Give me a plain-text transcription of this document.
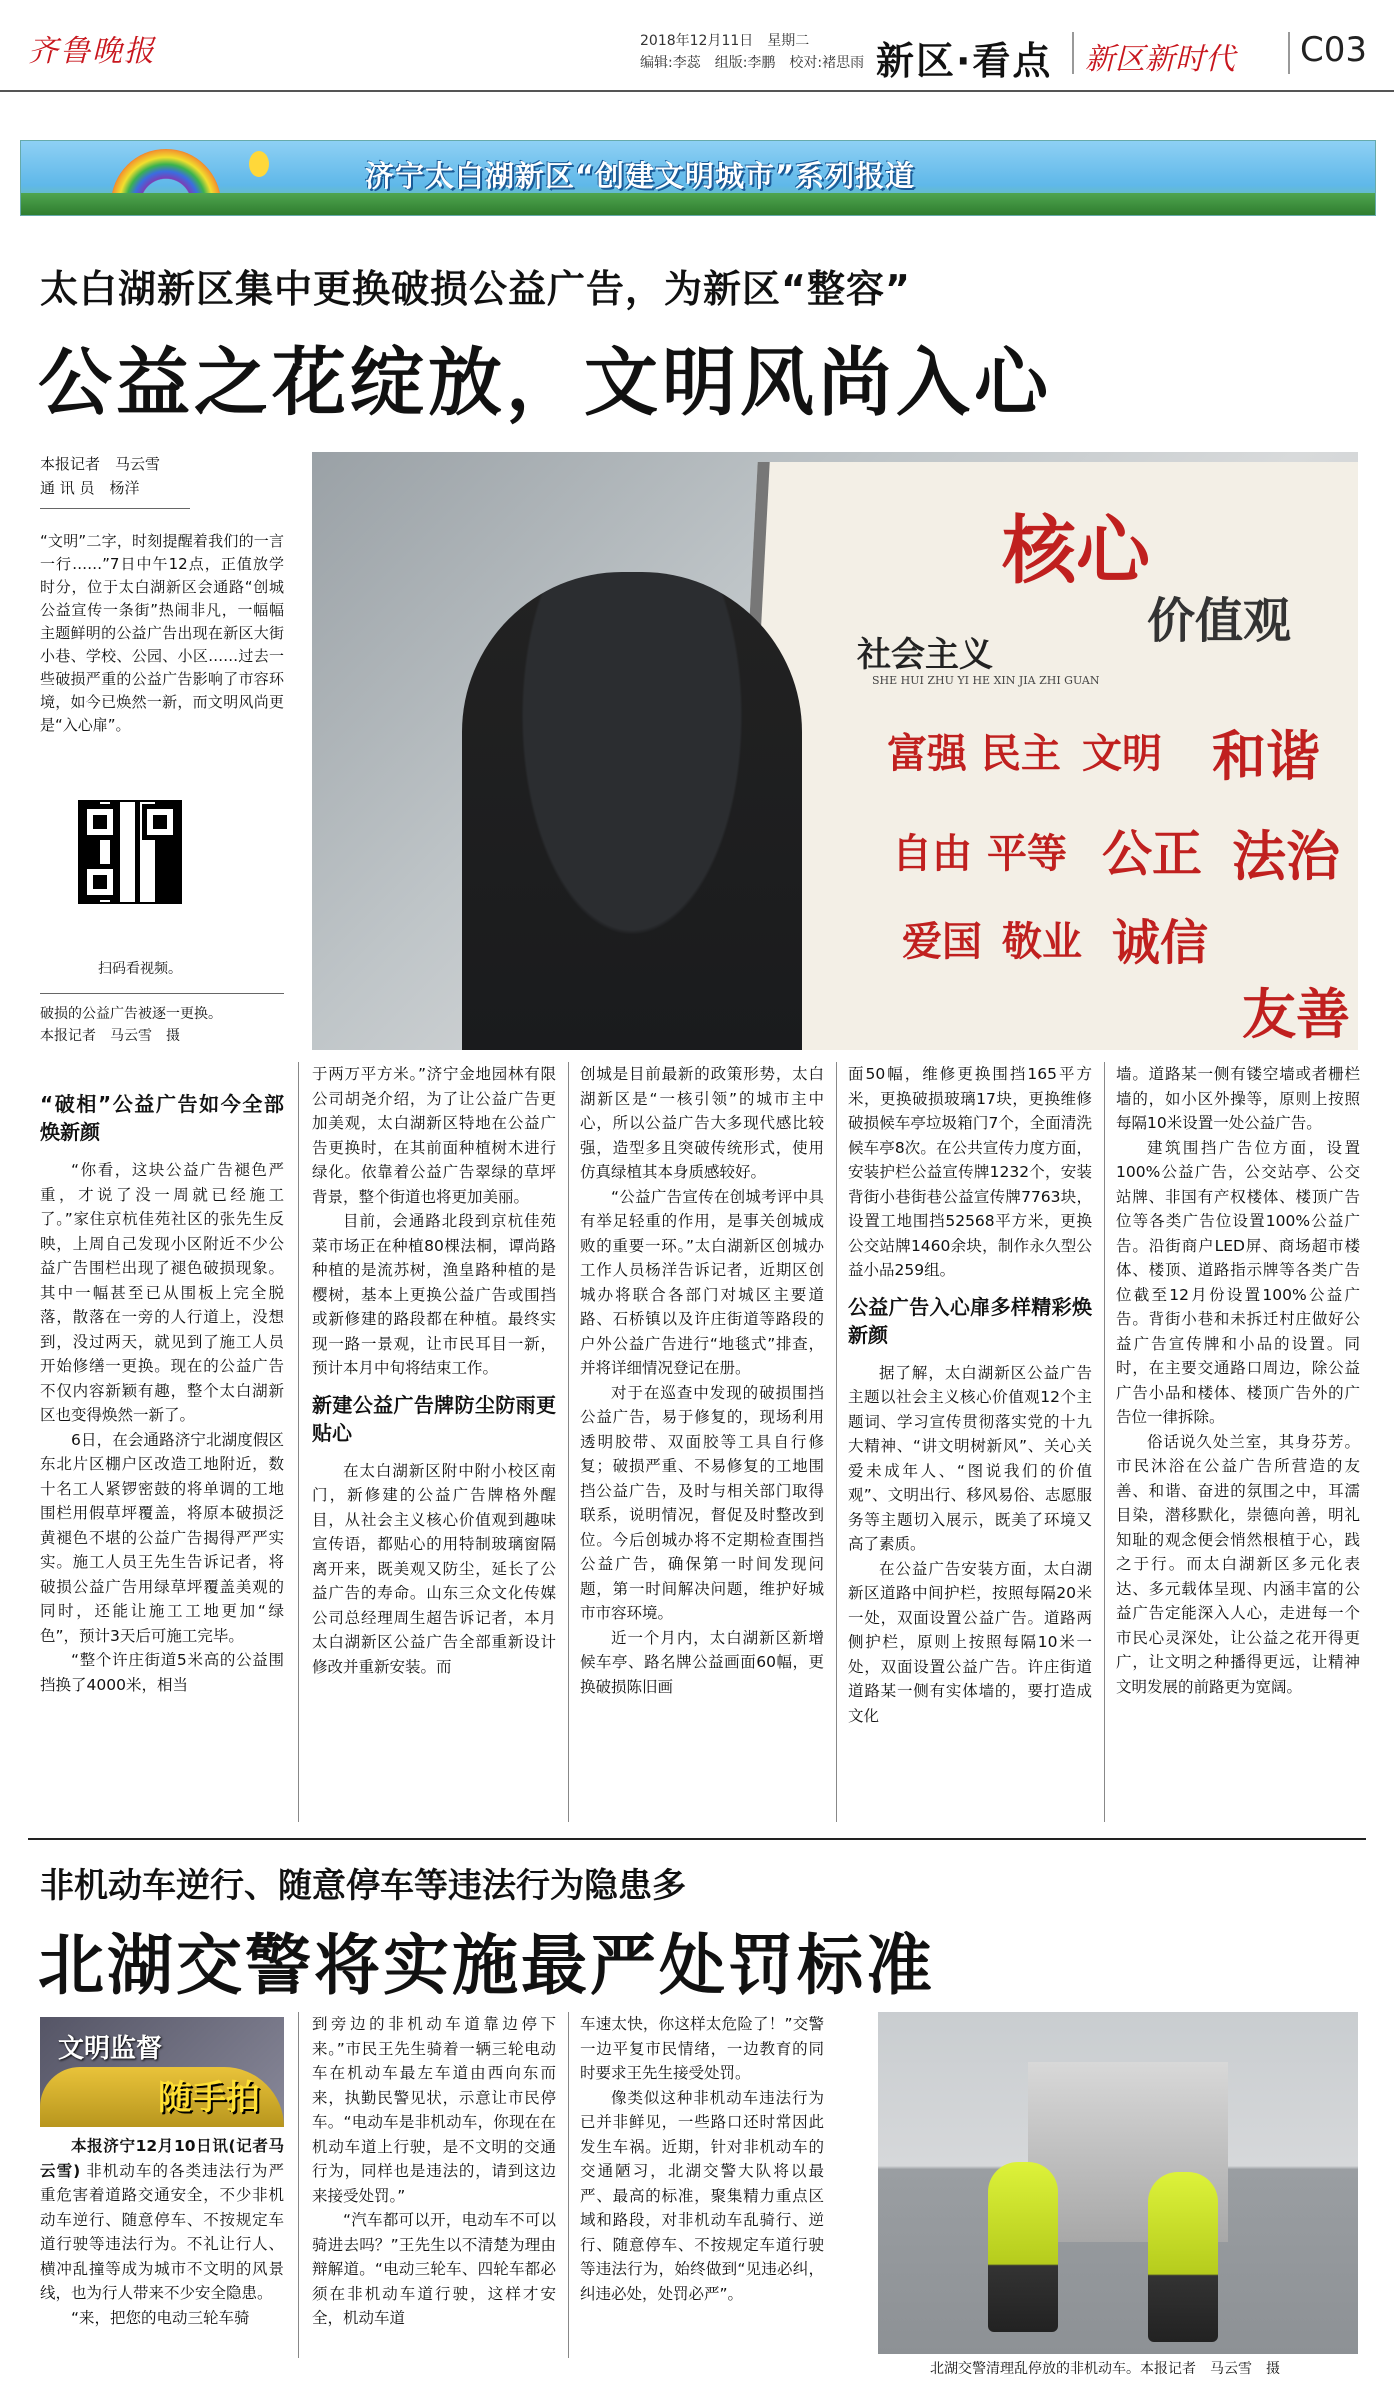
齐鲁晚报	2018年12月11日　星期二
编辑:李蕊　组版:李鹏　校对:褚思雨 新区·看点 新区新时代 C03
济宁太白湖新区“创建文明城市”系列报道
太白湖新区集中更换破损公益广告，为新区“整容”
公益之花绽放，文明风尚入心
本报记者　马云雪
通 讯 员　杨洋
“文明”二字，时刻提醒着我们的一言一行……”7日中午12点，正值放学时分，位于太白湖新区会通路“创城公益宣传一条街”热闹非凡，一幅幅主题鲜明的公益广告出现在新区大街小巷、学校、公园、小区……过去一些破损严重的公益广告影响了市容环境，如今已焕然一新，而文明风尚更是“入心扉”。
扫码看视频。
破损的公益广告被逐一更换。
本报记者　马云雪　摄
社会主义
核心
价值观
SHE HUI ZHU YI HE XIN JIA ZHI GUAN
富强 民主 文明 和谐
自由 平等 公正 法治
爱国 敬业 诚信
友善
“破相”公益广告如今全部焕新颜

“你看，这块公益广告褪色严重，才说了没一周就已经施工了。”家住京杭佳苑社区的张先生反映，上周自己发现小区附近不少公益广告围栏出现了褪色破损现象。其中一幅甚至已从围板上完全脱落，散落在一旁的人行道上，没想到，没过两天，就见到了施工人员开始修缮一更换。现在的公益广告不仅内容新颖有趣，整个太白湖新区也变得焕然一新了。

6日，在会通路济宁北湖度假区东北片区棚户区改造工地附近，数十名工人紧锣密鼓的将单调的工地围栏用假草坪覆盖，将原本破损泛黄褪色不堪的公益广告揭得严严实实。施工人员王先生告诉记者，将破损公益广告用绿草坪覆盖美观的同时，还能让施工工地更加“绿色”，预计3天后可施工完毕。

“整个许庄街道5米高的公益围挡换了4000米，相当

于两万平方米。”济宁金地园林有限公司胡尧介绍，为了让公益广告更加美观，太白湖新区特地在公益广告更换时，在其前面种植树木进行绿化。依靠着公益广告翠绿的草坪背景，整个街道也将更加美丽。

目前，会通路北段到京杭佳苑菜市场正在种植80棵法桐，谭尚路种植的是流苏树，渔皇路种植的是樱树，基本上更换公益广告或围挡或新修建的路段都在种植。最终实现一路一景观，让市民耳目一新，预计本月中旬将结束工作。

新建公益广告牌防尘防雨更贴心

在太白湖新区附中附小校区南门，新修建的公益广告牌格外醒目，从社会主义核心价值观到趣味宣传语，都贴心的用特制玻璃窗隔离开来，既美观又防尘，延长了公益广告的寿命。山东三众文化传媒公司总经理周生超告诉记者，本月太白湖新区公益广告全部重新设计修改并重新安装。而

创城是目前最新的政策形势，太白湖新区是“一核引领”的城市主中心，所以公益广告大多现代感比较强，造型多且突破传统形式，使用仿真绿植其本身质感较好。

“公益广告宣传在创城考评中具有举足轻重的作用，是事关创城成败的重要一环。”太白湖新区创城办工作人员杨洋告诉记者，近期区创城办将联合各部门对城区主要道路、石桥镇以及许庄街道等路段的户外公益广告进行“地毯式”排查，并将详细情况登记在册。

对于在巡查中发现的破损围挡公益广告，易于修复的，现场利用透明胶带、双面胶等工具自行修复；破损严重、不易修复的工地围挡公益广告，及时与相关部门取得联系，说明情况，督促及时整改到位。今后创城办将不定期检查围挡公益广告，确保第一时间发现问题，第一时间解决问题，维护好城市市容环境。

近一个月内，太白湖新区新增候车亭、路名牌公益画面60幅，更换破损陈旧画

面50幅，维修更换围挡165平方米，更换破损玻璃17块，更换维修破损候车亭垃圾箱门7个，全面清洗候车亭8次。在公共宣传力度方面，安装护栏公益宣传牌1232个，安装背街小巷街巷公益宣传牌7763块，设置工地围挡52568平方米，更换公交站牌1460余块，制作永久型公益小品259组。

公益广告入心扉多样精彩焕新颜

据了解，太白湖新区公益广告主题以社会主义核心价值观12个主题词、学习宣传贯彻落实党的十九大精神、“讲文明树新风”、关心关爱未成年人、“图说我们的价值观”、文明出行、移风易俗、志愿服务等主题切入展示，既美了环境又高了素质。

在公益广告安装方面，太白湖新区道路中间护栏，按照每隔20米一处，双面设置公益广告。道路两侧护栏，原则上按照每隔10米一处，双面设置公益广告。许庄街道道路某一侧有实体墙的，要打造成文化

墙。道路某一侧有镂空墙或者栅栏墙的，如小区外操等，原则上按照每隔10米设置一处公益广告。

建筑围挡广告位方面，设置100%公益广告，公交站亭、公交站牌、非国有产权楼体、楼顶广告位等各类广告位设置100%公益广告。沿街商户LED屏、商场超市楼体、楼顶、道路指示牌等各类广告位截至12月份设置100%公益广告。背街小巷和未拆迁村庄做好公益广告宣传牌和小品的设置。同时，在主要交通路口周边，除公益广告小品和楼体、楼顶广告外的广告位一律拆除。

俗话说久处兰室，其身芬芳。市民沐浴在公益广告所营造的友善、和谐、奋进的氛围之中，耳濡目染，潜移默化，崇德向善，明礼知耻的观念便会悄然根植于心，践之于行。而太白湖新区多元化表达、多元载体呈现、内涵丰富的公益广告定能深入人心，走进每一个市民心灵深处，让公益之花开得更广，让文明之种播得更远，让精神文明发展的前路更为宽阔。

非机动车逆行、随意停车等违法行为隐患多
北湖交警将实施最严处罚标准
文明监督
随手拍

本报济宁12月10日讯(记者马云雪) 非机动车的各类违法行为严重危害着道路交通安全，不少非机动车逆行、随意停车、不按规定车道行驶等违法行为。不礼让行人、横冲乱撞等成为城市不文明的风景线，也为行人带来不少安全隐患。

“来，把您的电动三轮车骑

到旁边的非机动车道靠边停下来。”市民王先生骑着一辆三轮电动车在机动车最左车道由西向东而来，执勤民警见状，示意让市民停车。“电动车是非机动车，你现在在机动车道上行驶，是不文明的交通行为，同样也是违法的，请到这边来接受处罚。”

“汽车都可以开，电动车不可以骑进去吗？”王先生以不清楚为理由辩解道。“电动三轮车、四轮车都必须在非机动车道行驶，这样才安全，机动车道

车速太快，你这样太危险了！”交警一边平复市民情绪，一边教育的同时要求王先生接受处罚。

像类似这种非机动车违法行为已并非鲜见，一些路口还时常因此发生车祸。近期，针对非机动车的交通陋习，北湖交警大队将以最严、最高的标准，聚集精力重点区域和路段，对非机动车乱骑行、逆行、随意停车、不按规定车道行驶等违法行为，始终做到“见违必纠，纠违必处，处罚必严”。

北湖交警清理乱停放的非机动车。本报记者　马云雪　摄
